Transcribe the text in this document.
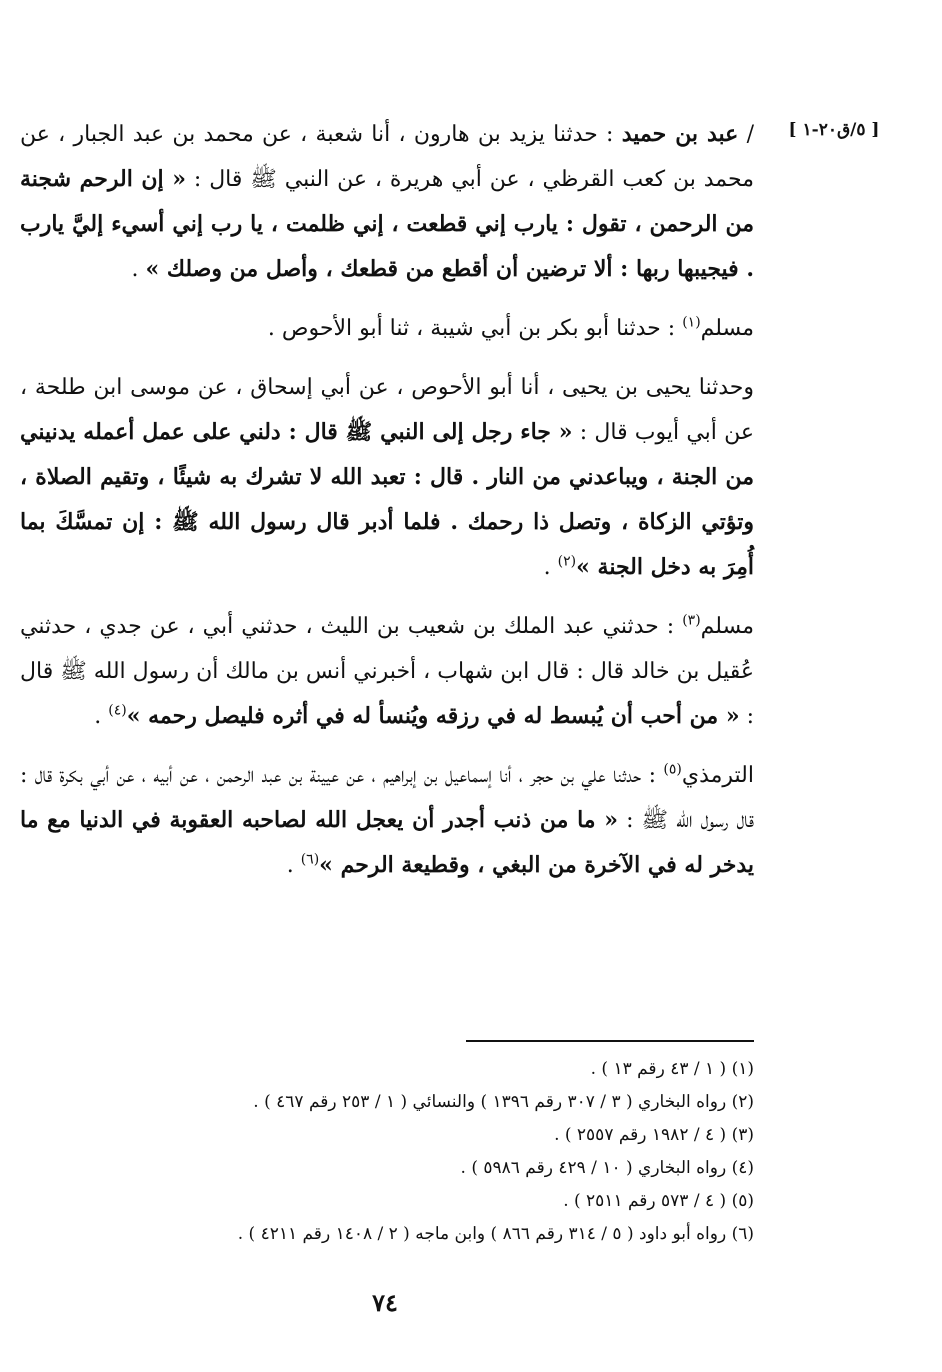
[ ٥/ق٢٠-١ ]

/ عبد بن حميد : حدثنا يزيد بن هارون ، أنا شعبة ، عن محمد بن عبد الجبار ، عن محمد بن كعب القرظي ، عن أبي هريرة ، عن النبي ﷺ قال : « إن الرحم شجنة من الرحمن ، تقول : يارب إني قطعت ، إني ظلمت ، يا رب إني أسيء إليَّ يارب . فيجيبها ربها : ألا ترضين أن أقطع من قطعك ، وأصل من وصلك » .

مسلم$^{(١)}$ : حدثنا أبو بكر بن أبي شيبة ، ثنا أبو الأحوص .

وحدثنا يحيى بن يحيى ، أنا أبو الأحوص ، عن أبي إسحاق ، عن موسى ابن طلحة ، عن أبي أيوب قال : « جاء رجل إلى النبي ﷺ قال : دلني على عمل أعمله يدنيني من الجنة ، ويباعدني من النار . قال : تعبد الله لا تشرك به شيئًا ، وتقيم الصلاة ، وتؤتي الزكاة ، وتصل ذا رحمك . فلما أدبر قال رسول الله ﷺ : إن تمسَّكَ بما أُمِرَ به دخل الجنة »$^{(٢)}$ .

مسلم$^{(٣)}$ : حدثني عبد الملك بن شعيب بن الليث ، حدثني أبي ، عن جدي ، حدثني عُقيل بن خالد قال : قال ابن شهاب ، أخبرني أنس بن مالك أن رسول الله ﷺ قال : « من أحب أن يُبسط له في رزقه ويُنسأ له في أثره فليصل رحمه »$^{(٤)}$ .

الترمذي$^{(٥)}$ : حدثنا علي بن حجر ، أنا إسماعيل بن إبراهيم ، عن عيينة بن عبد الرحمن ، عن أبيه ، عن أبي بكرة قال : قال رسول الله ﷺ : « ما من ذنب أجدر أن يعجل الله لصاحبه العقوبة في الدنيا مع ما يدخر له في الآخرة من البغي ، وقطيعة الرحم »$^{(٦)}$ .

(١) ( ١ / ٤٣ رقم ١٣ ) .

(٢) رواه البخاري ( ٣ / ٣٠٧ رقم ١٣٩٦ ) والنسائي ( ١ / ٢٥٣ رقم ٤٦٧ ) .

(٣) ( ٤ / ١٩٨٢ رقم ٢٥٥٧ ) .

(٤) رواه البخاري ( ١٠ / ٤٢٩ رقم ٥٩٨٦ ) .

(٥) ( ٤ / ٥٧٣ رقم ٢٥١١ ) .

(٦) رواه أبو داود ( ٥ / ٣١٤ رقم ٨٦٦ ) وابن ماجه ( ٢ / ١٤٠٨ رقم ٤٢١١ ) .

٧٤
